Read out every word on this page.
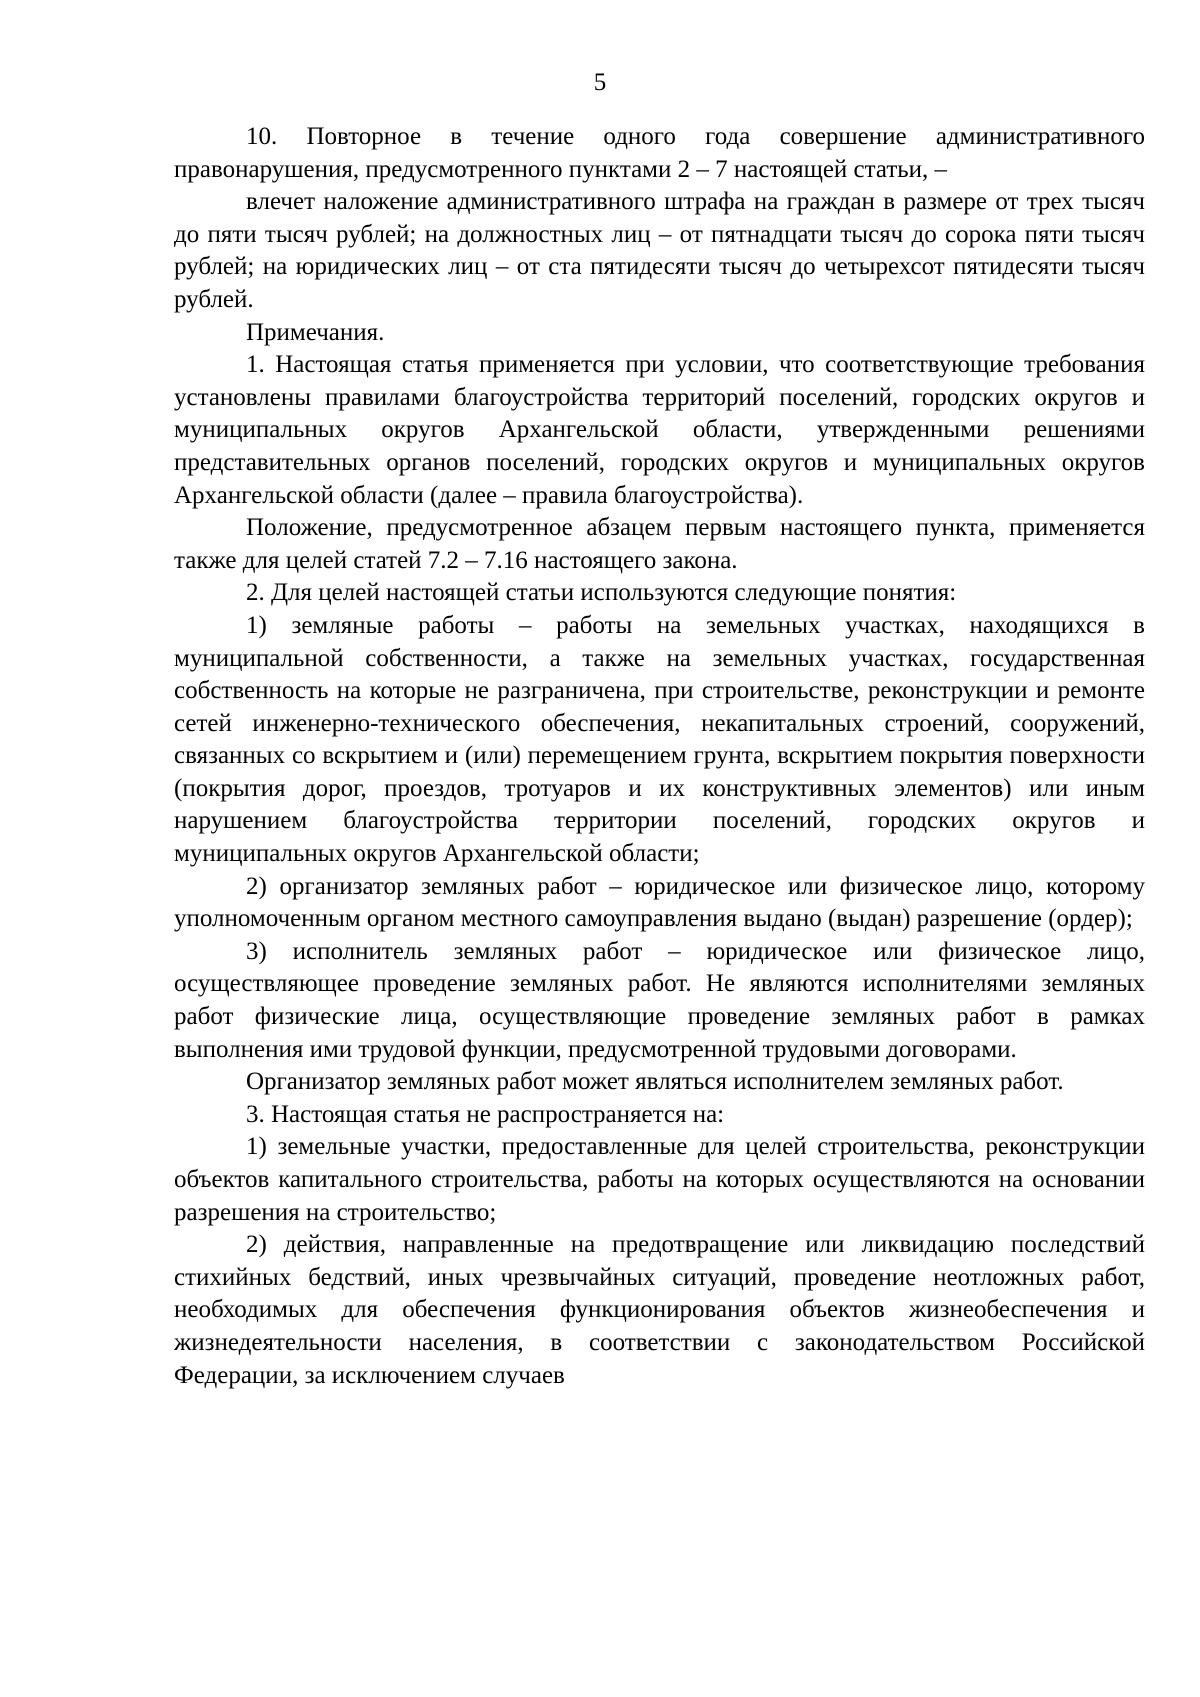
5

10. Повторное в течение одного года совершение административного правонарушения, предусмотренного пунктами 2 – 7 настоящей статьи, –

влечет наложение административного штрафа на граждан в размере от трех тысяч до пяти тысяч рублей; на должностных лиц – от пятнадцати тысяч до сорока пяти тысяч рублей; на юридических лиц – от ста пятидесяти тысяч до четырехсот пятидесяти тысяч рублей.

Примечания.

1. Настоящая статья применяется при условии, что соответствующие требования установлены правилами благоустройства территорий поселений, городских округов и муниципальных округов Архангельской области, утвержденными решениями представительных органов поселений, городских округов и муниципальных округов Архангельской области (далее – правила благоустройства).

Положение, предусмотренное абзацем первым настоящего пункта, применяется также для целей статей 7.2 – 7.16 настоящего закона.

2. Для целей настоящей статьи используются следующие понятия:

1) земляные работы – работы на земельных участках, находящихся в муниципальной собственности, а также на земельных участках, государственная собственность на которые не разграничена, при строительстве, реконструкции и ремонте сетей инженерно-технического обеспечения, некапитальных строений, сооружений, связанных со вскрытием и (или) перемещением грунта, вскрытием покрытия поверхности (покрытия дорог, проездов, тротуаров и их конструктивных элементов) или иным нарушением благоустройства территории поселений, городских округов и муниципальных округов Архангельской области;

2) организатор земляных работ – юридическое или физическое лицо, которому уполномоченным органом местного самоуправления выдано (выдан) разрешение (ордер);

3) исполнитель земляных работ – юридическое или физическое лицо, осуществляющее проведение земляных работ. Не являются исполнителями земляных работ физические лица, осуществляющие проведение земляных работ в рамках выполнения ими трудовой функции, предусмотренной трудовыми договорами.

Организатор земляных работ может являться исполнителем земляных работ.

3. Настоящая статья не распространяется на:

1) земельные участки, предоставленные для целей строительства, реконструкции объектов капитального строительства, работы на которых осуществляются на основании разрешения на строительство;

2) действия, направленные на предотвращение или ликвидацию последствий стихийных бедствий, иных чрезвычайных ситуаций, проведение неотложных работ, необходимых для обеспечения функционирования объектов жизнеобеспечения и жизнедеятельности населения, в соответствии с законодательством Российской Федерации, за исключением случаев
